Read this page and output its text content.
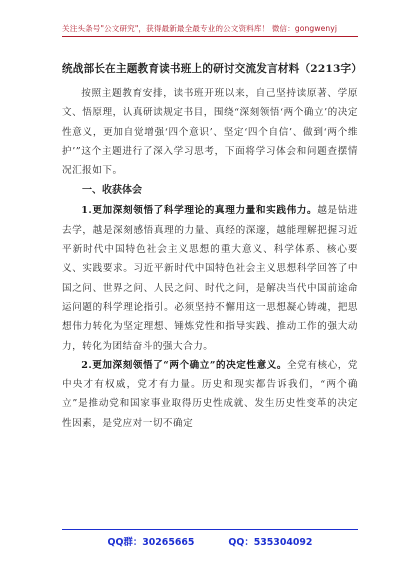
关注头条号"公文研究"，获得最新最全最专业的公文资料库！ 微信：gongwenyj
统战部长在主题教育读书班上的研讨交流发言材料（2213字）
按照主题教育安排，读书班开班以来，自己坚持读原著、学原文、悟原理，认真研读规定书目，围绕“深刻领悟‘两个确立’的决定性意义，更加自觉增强‘四个意识’、坚定‘四个自信’、做到‘两个维护’”这个主题进行了深入学习思考，下面将学习体会和问题查摆情况汇报如下。
一、收获体会
1.更加深刻领悟了科学理论的真理力量和实践伟力。越是钻进去学，越是深刻感悟真理的力量、真经的深邃，越能理解把握习近平新时代中国特色社会主义思想的重大意义、科学体系、核心要义、实践要求。习近平新时代中国特色社会主义思想科学回答了中国之问、世界之问、人民之问、时代之问，是解决当代中国前途命运问题的科学理论指引。必须坚持不懈用这一思想凝心铸魂，把思想伟力转化为坚定理想、锤炼党性和指导实践、推动工作的强大动力，转化为团结奋斗的强大合力。
2.更加深刻领悟了“两个确立”的决定性意义。全党有核心，党中央才有权威，党才有力量。历史和现实都告诉我们，“两个确立”是推动党和国家事业取得历史性成就、发生历史性变革的决定性因素，是党应对一切不确定
QQ群：30265665	QQ：535304092
